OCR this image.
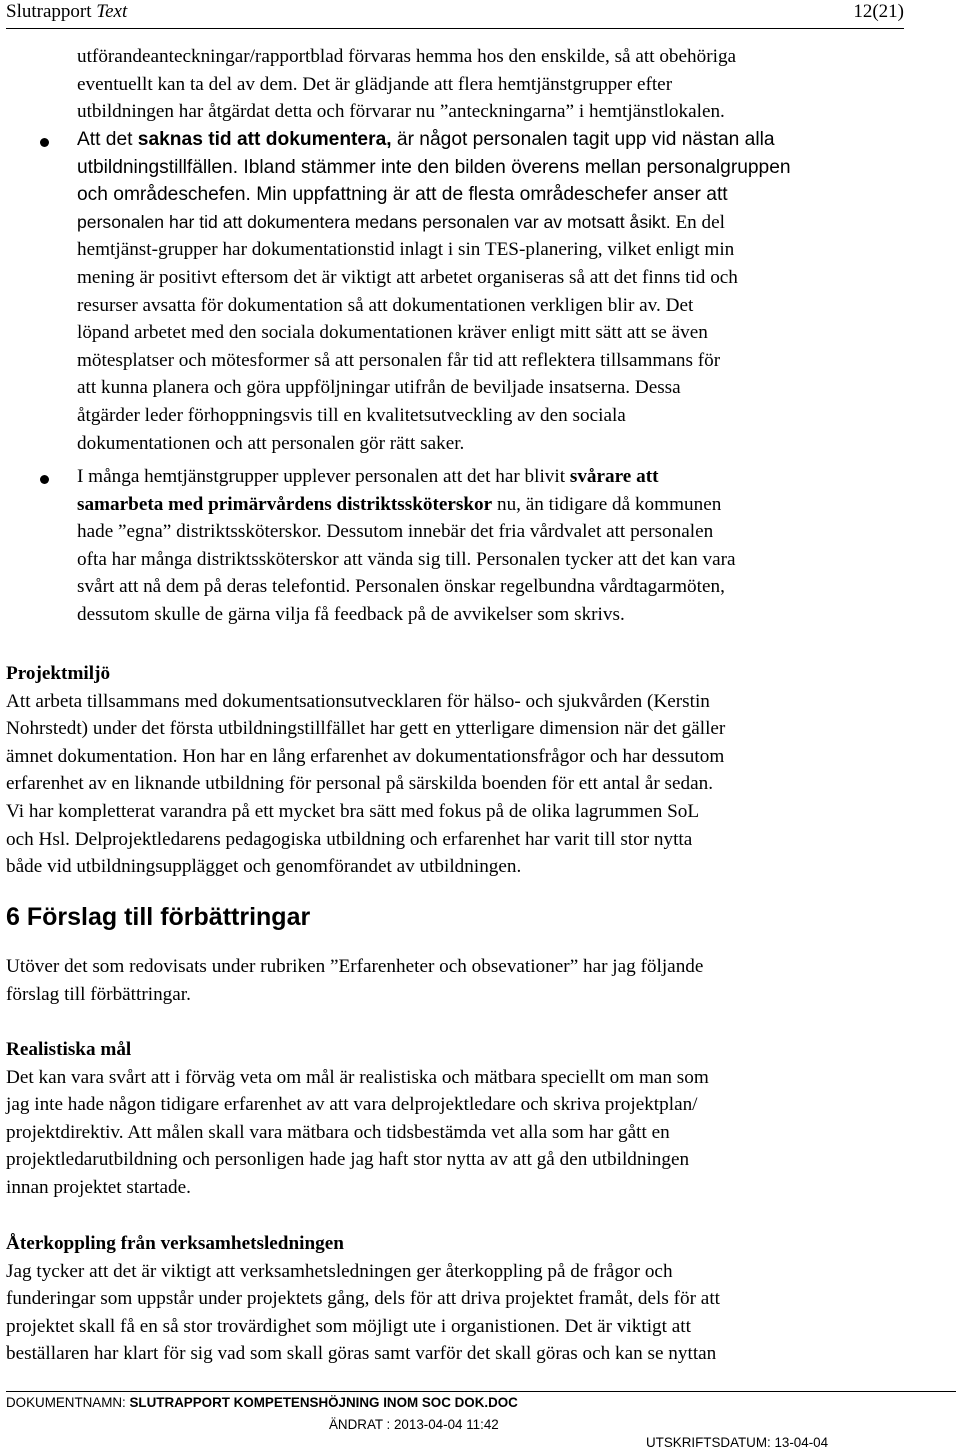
Slutrapport Text	12(21)

utförandeanteckningar/rapportblad förvaras hemma hos den enskilde, så att obehöriga

eventuellt kan ta del av dem. Det är glädjande att flera hemtjänstgrupper efter

utbildningen har åtgärdat detta och förvarar nu ”anteckningarna” i hemtjänstlokalen.

Att det saknas tid att dokumentera, är något personalen tagit upp vid nästan alla

utbildningstillfällen. Ibland stämmer inte den bilden överens mellan personalgruppen

och områdeschefen. Min uppfattning är att de flesta områdeschefer anser att

personalen har tid att dokumentera medans personalen var av motsatt åsikt. En del

hemtjänst-grupper har dokumentationstid inlagt i sin TES-planering, vilket enligt min

mening är positivt eftersom det är viktigt att arbetet organiseras så att det finns tid och

resurser avsatta för dokumentation så att dokumentationen verkligen blir av. Det

löpand arbetet med den sociala dokumentationen kräver enligt mitt sätt att se även

mötesplatser och mötesformer så att personalen får tid att reflektera tillsammans för

att kunna planera och göra uppföljningar utifrån de beviljade insatserna. Dessa

åtgärder leder förhoppningsvis till en kvalitetsutveckling av den sociala

dokumentationen och att personalen gör rätt saker.

I många hemtjänstgrupper upplever personalen att det har blivit svårare att

samarbeta med primärvårdens distriktssköterskor nu, än tidigare då kommunen

hade ”egna” distriktssköterskor. Dessutom innebär det fria vårdvalet att personalen

ofta har många distriktssköterskor att vända sig till. Personalen tycker att det kan vara

svårt att nå dem på deras telefontid. Personalen önskar regelbundna vårdtagarmöten,

dessutom skulle de gärna vilja få feedback på de avvikelser som skrivs.

Projektmiljö

Att arbeta tillsammans med dokumentsationsutvecklaren för hälso- och sjukvården (Kerstin

Nohrstedt) under det första utbildningstillfället har gett en ytterligare dimension när det gäller

ämnet dokumentation. Hon har en lång erfarenhet av dokumentationsfrågor och har dessutom

erfarenhet av en liknande utbildning för personal på särskilda boenden för ett antal år sedan.

Vi har kompletterat varandra på ett mycket bra sätt med fokus på de olika lagrummen SoL

och Hsl. Delprojektledarens pedagogiska utbildning och erfarenhet har varit till stor nytta

både vid utbildningsupplägget och genomförandet av utbildningen.

6 Förslag till förbättringar

Utöver det som redovisats under rubriken ”Erfarenheter och obsevationer” har jag följande

förslag till förbättringar.

Realistiska mål

Det kan vara svårt att i förväg veta om mål är realistiska och mätbara speciellt om man som

jag inte hade någon tidigare erfarenhet av att vara delprojektledare och skriva projektplan/

projektdirektiv. Att målen skall vara mätbara och tidsbestämda vet alla som har gått en

projektledarutbildning och personligen hade jag haft stor nytta av att gå den utbildningen

innan projektet startade.

Återkoppling från verksamhetsledningen

Jag tycker att det är viktigt att verksamhetsledningen ger återkoppling på de frågor och

funderingar som uppstår under projektets gång, dels för att driva projektet framåt, dels för att

projektet skall få en så stor trovärdighet som möjligt ute i organistionen. Det är viktigt att

beställaren har klart för sig vad som skall göras samt varför det skall göras och kan se nyttan

DOKUMENTNAMN: SLUTRAPPORT KOMPETENSHÖJNING INOM SOC DOK.DOC
ÄNDRAT : 2013-04-04 11:42
UTSKRIFTSDATUM: 13-04-04
